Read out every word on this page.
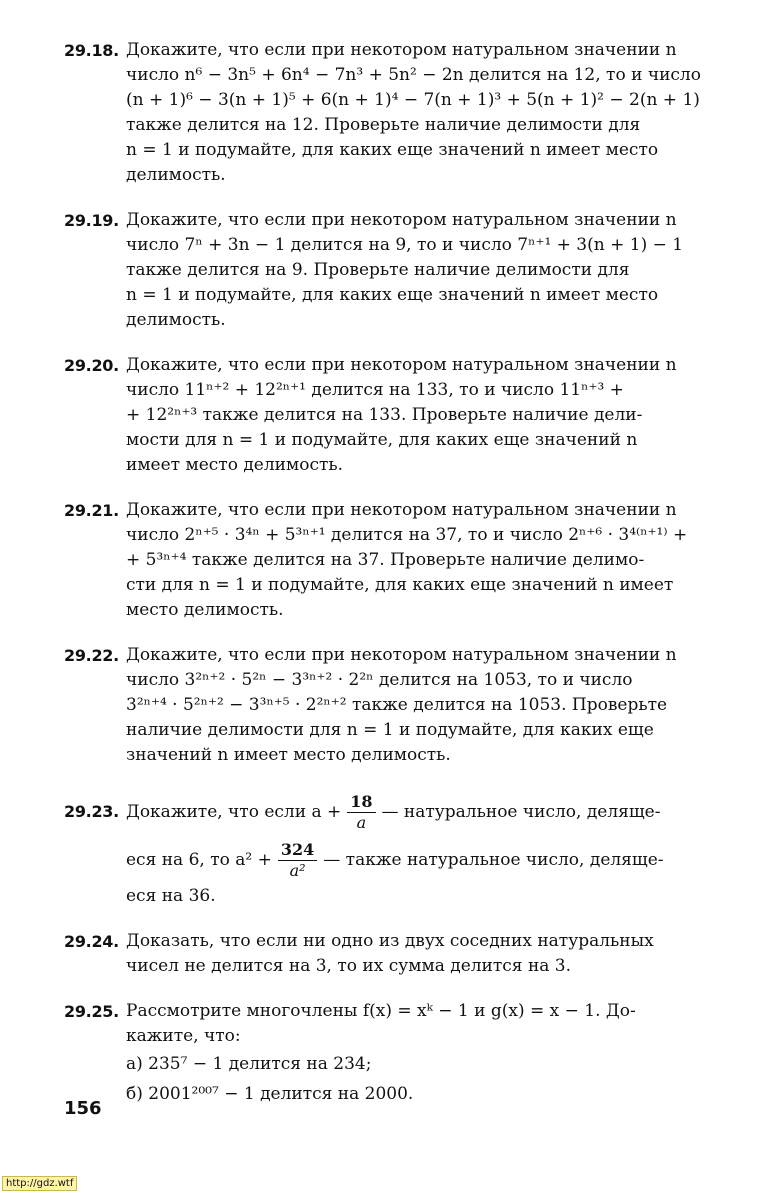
29.18. Докажите, что если при некотором натуральном значении n
число n⁶ − 3n⁵ + 6n⁴ − 7n³ + 5n² − 2n делится на 12, то и число
(n + 1)⁶ − 3(n + 1)⁵ + 6(n + 1)⁴ − 7(n + 1)³ + 5(n + 1)² − 2(n + 1)
также делится на 12. Проверьте наличие делимости для
n = 1 и подумайте, для каких еще значений n имеет место
делимость.
29.19. Докажите, что если при некотором натуральном значении n
число 7ⁿ + 3n − 1 делится на 9, то и число 7ⁿ⁺¹ + 3(n + 1) − 1
также делится на 9. Проверьте наличие делимости для
n = 1 и подумайте, для каких еще значений n имеет место
делимость.
29.20. Докажите, что если при некотором натуральном значении n
число 11ⁿ⁺² + 12²ⁿ⁺¹ делится на 133, то и число 11ⁿ⁺³ +
+ 12²ⁿ⁺³ также делится на 133. Проверьте наличие дели-
мости для n = 1 и подумайте, для каких еще значений n
имеет место делимость.
29.21. Докажите, что если при некотором натуральном значении n
число 2ⁿ⁺⁵ · 3⁴ⁿ + 5³ⁿ⁺¹ делится на 37, то и число 2ⁿ⁺⁶ · 3⁴⁽ⁿ⁺¹⁾ +
+ 5³ⁿ⁺⁴ также делится на 37. Проверьте наличие делимо-
сти для n = 1 и подумайте, для каких еще значений n имеет
место делимость.
29.22. Докажите, что если при некотором натуральном значении n
число 3²ⁿ⁺² · 5²ⁿ − 3³ⁿ⁺² · 2²ⁿ делится на 1053, то и число
3²ⁿ⁺⁴ · 5²ⁿ⁺² − 3³ⁿ⁺⁵ · 2²ⁿ⁺² также делится на 1053. Проверьте
наличие делимости для n = 1 и подумайте, для каких еще
значений n имеет место делимость.
29.23. Докажите, что если $a + \frac{18}{a}$ — натуральное число, деляще-
еся на 6, то $a^2 + \frac{324}{\text{a²}}$ — также натуральное число, деляще-
еся на 36.
29.24. Доказать, что если ни одно из двух соседних натуральных
чисел не делится на 3, то их сумма делится на 3.
29.25. Рассмотрите многочлены f(x) = xᵏ − 1 и g(x) = x − 1. До-
кажите, что:
а) 235⁷ − 1 делится на 234;
б) 2001²⁰⁰⁷ − 1 делится на 2000.
156
http://gdz.wtf
